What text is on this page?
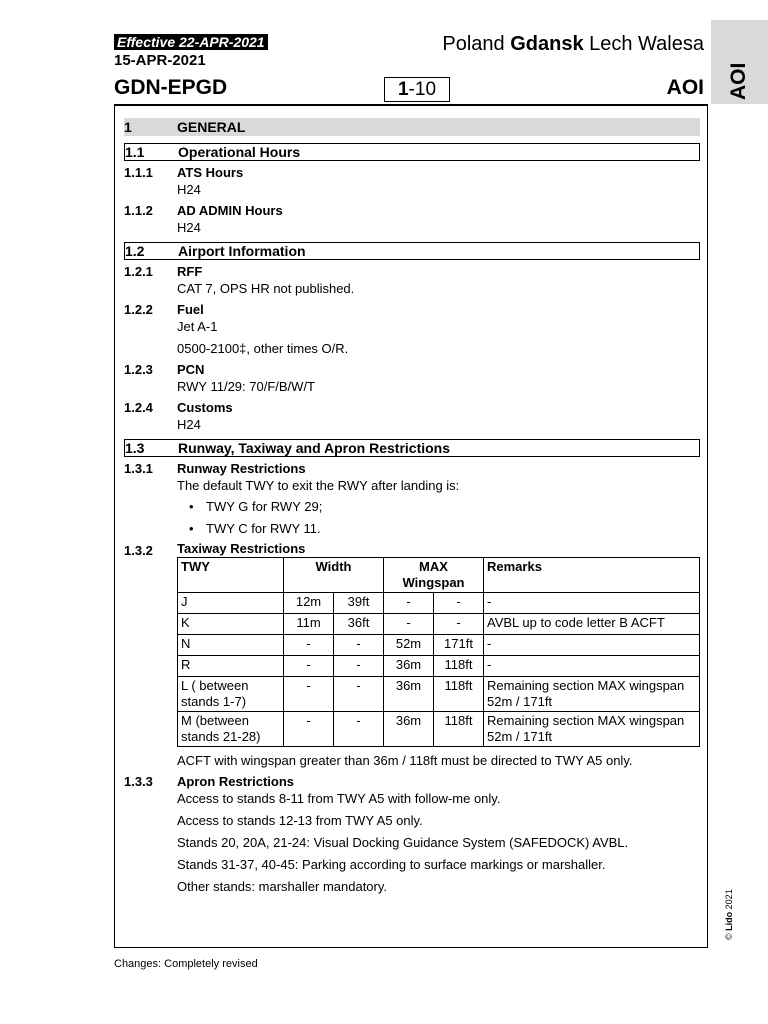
Effective 22-APR-2021
15-APR-2021
GDN-EPGD
Poland Gdansk Lech Walesa
1-10	AOI AOI
1	GENERAL
1.1 Operational Hours
1.1.1 ATS Hours

H24

1.1.2 AD ADMIN Hours

H24

1.2 Airport Information
1.2.1 RFF

CAT 7, OPS HR not published.

1.2.2 Fuel

Jet A-1

0500-2100‡, other times O/R.

1.2.3 PCN

RWY 11/29: 70/F/B/W/T

1.2.4 Customs

H24

1.3 Runway, Taxiway and Apron Restrictions
1.3.1 Runway Restrictions

The default TWY to exit the RWY after landing is:

• TWY G for RWY 29;
• TWY C for RWY 11.
1.3.2 Taxiway Restrictions

TWY	Width		MAX Wingspan		Remarks
J	12m	39ft	-	-	-
K	11m	36ft	-	-	AVBL up to code letter B ACFT
N	-	-	52m	171ft	-
R	-	-	36m	118ft	-
L ( between stands 1-7)	-	-	36m	118ft	Remaining section MAX wingspan 52m / 171ft
M (between stands 21-28)	-	-	36m	118ft	Remaining section MAX wingspan 52m / 171ft

ACFT with wingspan greater than 36m / 118ft must be directed to TWY A5 only.

1.3.3 Apron Restrictions

Access to stands 8-11 from TWY A5 with follow-me only.

Access to stands 12-13 from TWY A5 only.

Stands 20, 20A, 21-24: Visual Docking Guidance System (SAFEDOCK) AVBL.

Stands 31-37, 40-45: Parking according to surface markings or marshaller.

Other stands: marshaller mandatory.

© Lido 2021
Changes: Completely revised
